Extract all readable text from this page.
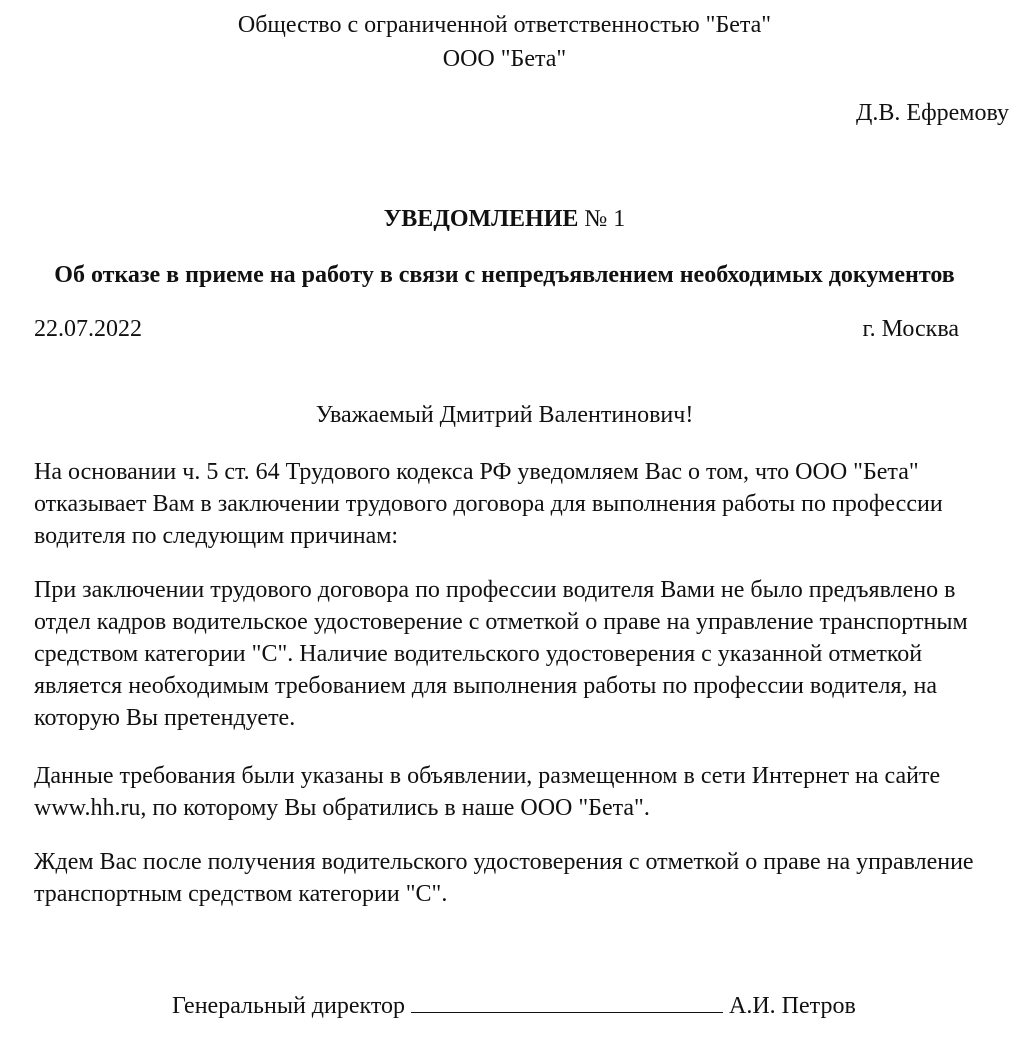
Общество с ограниченной ответственностью "Бета"

ООО "Бета"

Д.В. Ефремову

УВЕДОМЛЕНИЕ № 1

Об отказе в приеме на работу в связи с непредъявлением необходимых документов

22.07.2022	г. Москва

Уважаемый Дмитрий Валентинович!

На основании ч. 5 ст. 64 Трудового кодекса РФ уведомляем Вас о том, что ООО "Бета" отказывает Вам в заключении трудового договора для выполнения работы по профессии водителя по следующим причинам:

При заключении трудового договора по профессии водителя Вами не было предъявлено в отдел кадров водительское удостоверение с отметкой о праве на управление транспортным средством категории "С". Наличие водительского удостоверения с указанной отметкой является необходимым требованием для выполнения работы по профессии водителя, на которую Вы претендуете.

Данные требования были указаны в объявлении, размещенном в сети Интернет на сайте www.hh.ru, по которому Вы обратились в наше ООО "Бета".

Ждем Вас после получения водительского удостоверения с отметкой о праве на управление транспортным средством категории "С".

Генеральный директор	А.И. Петров
